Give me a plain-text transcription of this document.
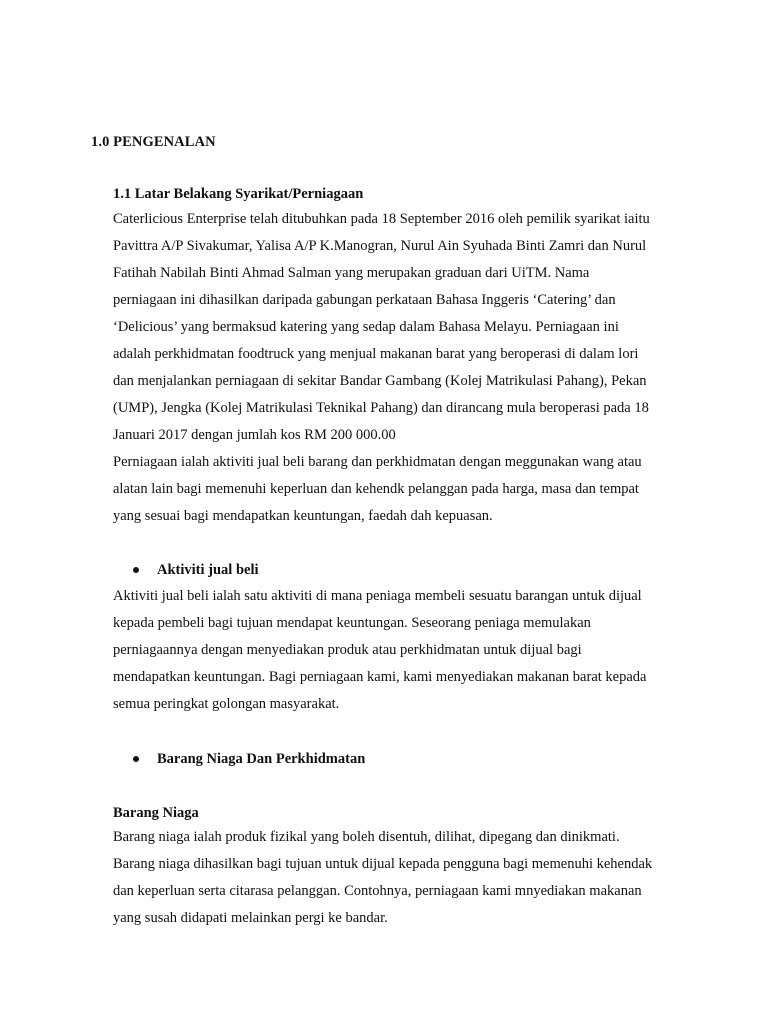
1.0 PENGENALAN
1.1 Latar Belakang Syarikat/Perniagaan
Caterlicious Enterprise telah ditubuhkan pada 18 September 2016 oleh pemilik syarikat iaitu
Pavittra A/P Sivakumar, Yalisa A/P K.Manogran, Nurul Ain Syuhada Binti Zamri dan Nurul
Fatihah Nabilah Binti Ahmad Salman yang merupakan graduan dari UiTM. Nama
perniagaan ini dihasilkan daripada gabungan perkataan Bahasa Inggeris ‘Catering’ dan
‘Delicious’ yang bermaksud katering yang sedap dalam Bahasa Melayu. Perniagaan ini
adalah perkhidmatan foodtruck yang menjual makanan barat yang beroperasi di dalam lori
dan menjalankan perniagaan di sekitar Bandar Gambang (Kolej Matrikulasi Pahang), Pekan
(UMP), Jengka (Kolej Matrikulasi Teknikal Pahang) dan dirancang mula beroperasi pada 18
Januari 2017 dengan jumlah kos RM 200 000.00
Perniagaan ialah aktiviti jual beli barang dan perkhidmatan dengan meggunakan wang atau
alatan lain bagi memenuhi keperluan dan kehendk pelanggan pada harga, masa dan tempat
yang sesuai bagi mendapatkan keuntungan, faedah dah kepuasan.
Aktiviti jual beli
Aktiviti jual beli ialah satu aktiviti di mana peniaga membeli sesuatu barangan untuk dijual
kepada pembeli bagi tujuan mendapat keuntungan. Seseorang peniaga memulakan
perniagaannya dengan menyediakan produk atau perkhidmatan untuk dijual bagi
mendapatkan keuntungan. Bagi perniagaan kami, kami menyediakan makanan barat kepada
semua peringkat golongan masyarakat.
Barang Niaga Dan Perkhidmatan
Barang Niaga
Barang niaga ialah produk fizikal yang boleh disentuh, dilihat, dipegang dan dinikmati.
Barang niaga dihasilkan bagi tujuan untuk dijual kepada pengguna bagi memenuhi kehendak
dan keperluan serta citarasa pelanggan. Contohnya, perniagaan kami mnyediakan makanan
yang susah didapati melainkan pergi ke bandar.
